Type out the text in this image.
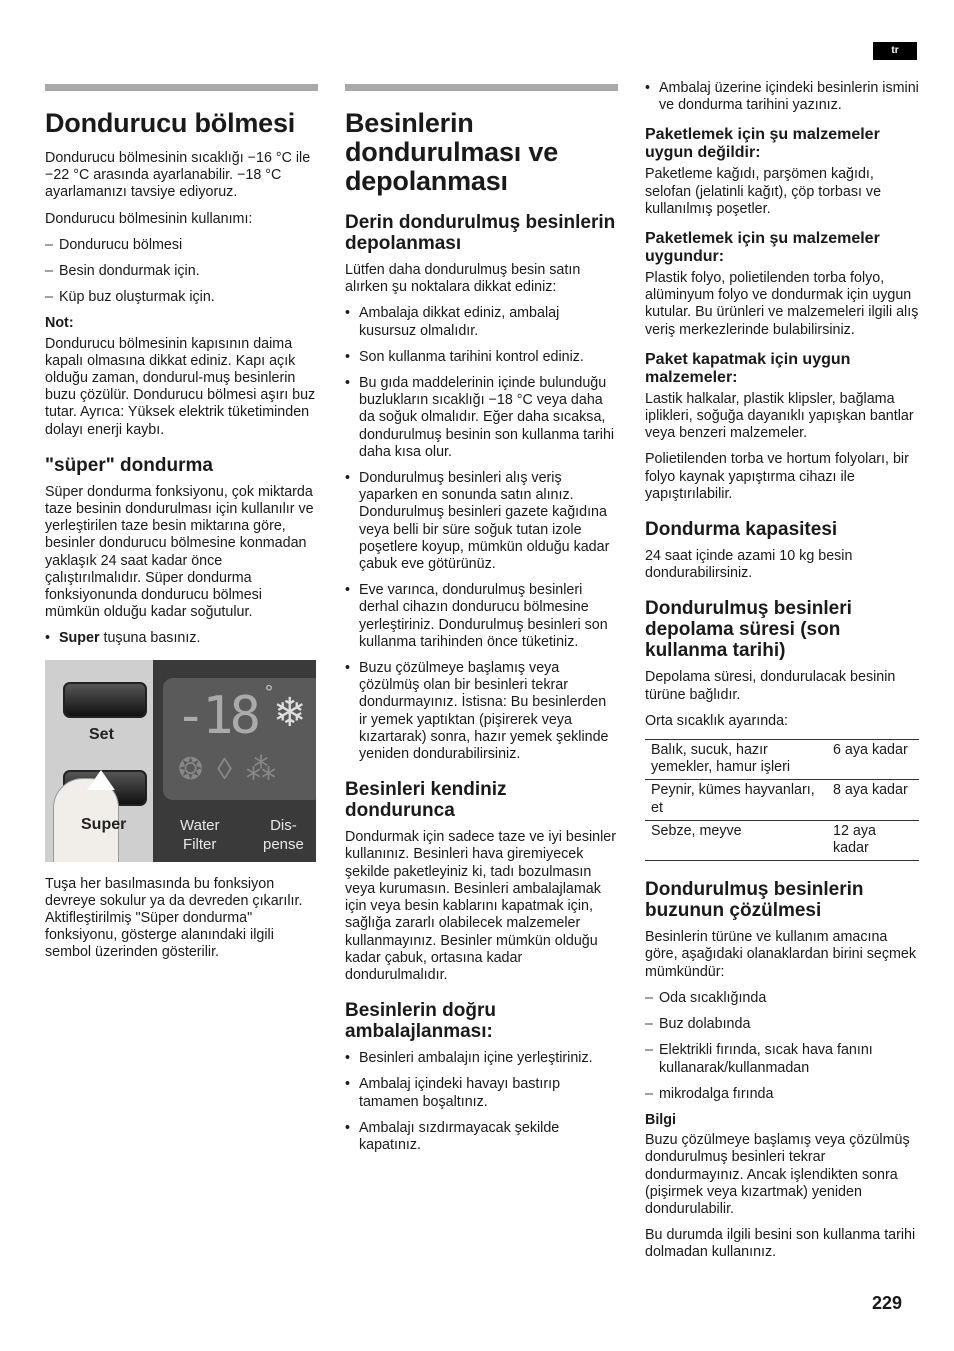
tr
Dondurucu bölmesi

Dondurucu bölmesinin sıcaklığı −16 °C ile −22 °C arasında ayarlanabilir. −18 °C ayarlamanızı tavsiye ediyoruz.

Dondurucu bölmesinin kullanımı:

– Dondurucu bölmesi
– Besin dondurmak için.
– Küp buz oluşturmak için.

Not:

Dondurucu bölmesinin kapısının daima kapalı olmasına dikkat ediniz. Kapı açık olduğu zaman, dondurul-muş besinlerin buzu çözülür. Dondurucu bölmesi aşırı buz tutar. Ayrıca: Yüksek elektrik tüketiminden dolayı enerji kaybı.

"süper" dondurma

Süper dondurma fonksiyonu, çok miktarda taze besinin dondurulması için kullanılır ve yerleştirilen taze besin miktarına göre, besinler dondurucu bölmesine konmadan yaklaşık 24 saat kadar önce çalıştırılmalıdır. Süper dondurma fonksiyonunda dondurucu bölmesi mümkün olduğu kadar soğutulur.

• Super tuşuna basınız.
Set
Super
-18 ° ❄
❂◊⁂
Water
Filter
Dis-
pense

Tuşa her basılmasında bu fonksiyon devreye sokulur ya da devreden çıkarılır. Aktifleştirilmiş "Süper dondurma" fonksiyonu, gösterge alanındaki ilgili sembol üzerinden gösterilir.

Besinlerin dondurulması ve depolanması
Derin dondurulmuş besinlerin depolanması

Lütfen daha dondurulmuş besin satın alırken şu noktalara dikkat ediniz:

• Ambalaja dikkat ediniz, ambalaj kusursuz olmalıdır.
• Son kullanma tarihini kontrol ediniz.
• Bu gıda maddelerinin içinde bulunduğu buzlukların sıcaklığı −18 °C veya daha da soğuk olmalıdır. Eğer daha sıcaksa, dondurulmuş besinin son kullanma tarihi daha kısa olur.
• Dondurulmuş besinleri alış veriş yaparken en sonunda satın alınız. Dondurulmuş besinleri gazete kağıdına veya belli bir süre soğuk tutan izole poşetlere koyup, mümkün olduğu kadar çabuk eve götürünüz.
• Eve varınca, dondurulmuş besinleri derhal cihazın dondurucu bölmesine yerleştiriniz. Dondurulmuş besinleri son kullanma tarihinden önce tüketiniz.
• Buzu çözülmeye başlamış veya çözülmüş olan bir besinleri tekrar dondurmayınız. İstisna: Bu besinlerden ir yemek yaptıktan (pişirerek veya kızartarak) sonra, hazır yemek şeklinde yeniden dondurabilirsiniz.
Besinleri kendiniz dondurunca

Dondurmak için sadece taze ve iyi besinler kullanınız. Besinleri hava giremiyecek şekilde paketleyiniz ki, tadı bozulmasın veya kurumasın. Besinleri ambalajlamak için veya besin kablarını kapatmak için, sağlığa zararlı olabilecek malzemeler kullanmayınız. Besinler mümkün olduğu kadar çabuk, ortasına kadar dondurulmalıdır.

Besinlerin doğru ambalajlanması:
• Besinleri ambalajın içine yerleştiriniz.
• Ambalaj içindeki havayı bastırıp tamamen boşaltınız.
• Ambalajı sızdırmayacak şekilde kapatınız.
• Ambalaj üzerine içindeki besinlerin ismini ve dondurma tarihini yazınız.
Paketlemek için şu malzemeler uygun değildir:

Paketleme kağıdı, parşömen kağıdı, selofan (jelatinli kağıt), çöp torbası ve kullanılmış poşetler.

Paketlemek için şu malzemeler uygundur:

Plastik folyo, polietilenden torba folyo, alüminyum folyo ve dondurmak için uygun kutular. Bu ürünleri ve malzemeleri ilgili alış veriş merkezlerinde bulabilirsiniz.

Paket kapatmak için uygun malzemeler:

Lastik halkalar, plastik klipsler, bağlama iplikleri, soğuğa dayanıklı yapışkan bantlar veya benzeri malzemeler.

Polietilenden torba ve hortum folyoları, bir folyo kaynak yapıştırma cihazı ile yapıştırılabilir.

Dondurma kapasitesi

24 saat içinde azami 10 kg besin dondurabilirsiniz.

Dondurulmuş besinleri depolama süresi (son kullanma tarihi)

Depolama süresi, dondurulacak besinin türüne bağlıdır.

Orta sıcaklık ayarında:

Balık, sucuk, hazır yemekler, hamur işleri	6 aya kadar
Peynir, kümes hayvanları, et	8 aya kadar
Sebze, meyve	12 aya kadar
Dondurulmuş besinlerin buzunun çözülmesi

Besinlerin türüne ve kullanım amacına göre, aşağıdaki olanaklardan birini seçmek mümkündür:

– Oda sıcaklığında
– Buz dolabında
– Elektrikli fırında, sıcak hava fanını kullanarak/kullanmadan
– mikrodalga fırında

Bilgi

Buzu çözülmeye başlamış veya çözülmüş dondurulmuş besinleri tekrar dondurmayınız. Ancak işlendikten sonra (pişirmek veya kızartmak) yeniden dondurulabilir.

Bu durumda ilgili besini son kullanma tarihi dolmadan kullanınız.

229
